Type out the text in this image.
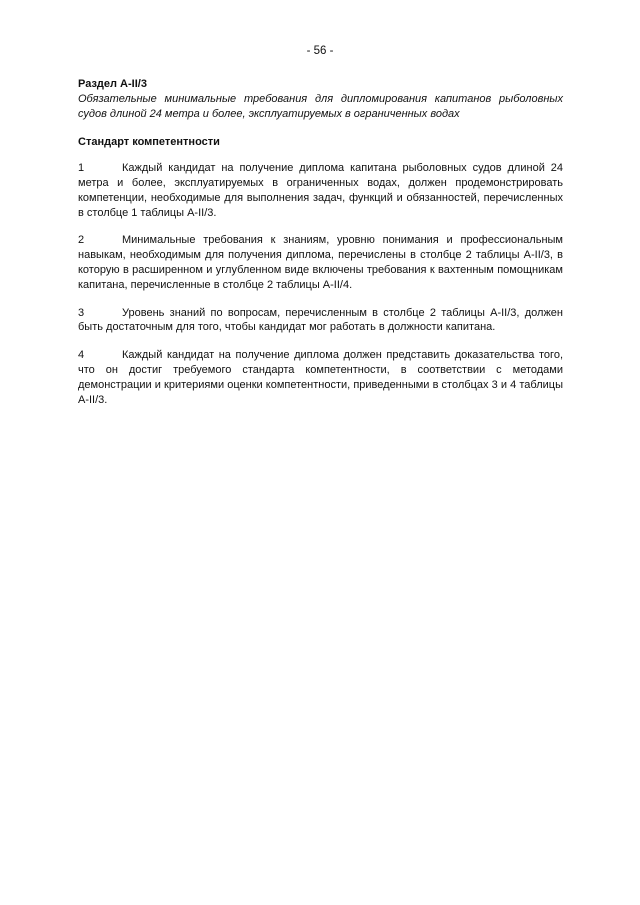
- 56 -

Раздел A-II/3

Обязательные минимальные требования для дипломирования капитанов рыболовных судов длиной 24 метра и более, эксплуатируемых в ограниченных водах

Стандарт компетентности

1	Каждый кандидат на получение диплома капитана рыболовных судов длиной 24 метра и более, эксплуатируемых в ограниченных водах, должен продемонстрировать компетенции, необходимые для выполнения задач, функций и обязанностей, перечисленных в столбце 1 таблицы A-II/3.

2	Минимальные требования к знаниям, уровню понимания и профессиональным навыкам, необходимым для получения диплома, перечислены в столбце 2 таблицы A-II/3, в которую в расширенном и углубленном виде включены требования к вахтенным помощникам капитана, перечисленные в столбце 2 таблицы A-II/4.

3	Уровень знаний по вопросам, перечисленным в столбце 2 таблицы A-II/3, должен быть достаточным для того, чтобы кандидат мог работать в должности капитана.

4	Каждый кандидат на получение диплома должен представить доказательства того, что он достиг требуемого стандарта компетентности, в соответствии с методами демонстрации и критериями оценки компетентности, приведенными в столбцах 3 и 4 таблицы A-II/3.
